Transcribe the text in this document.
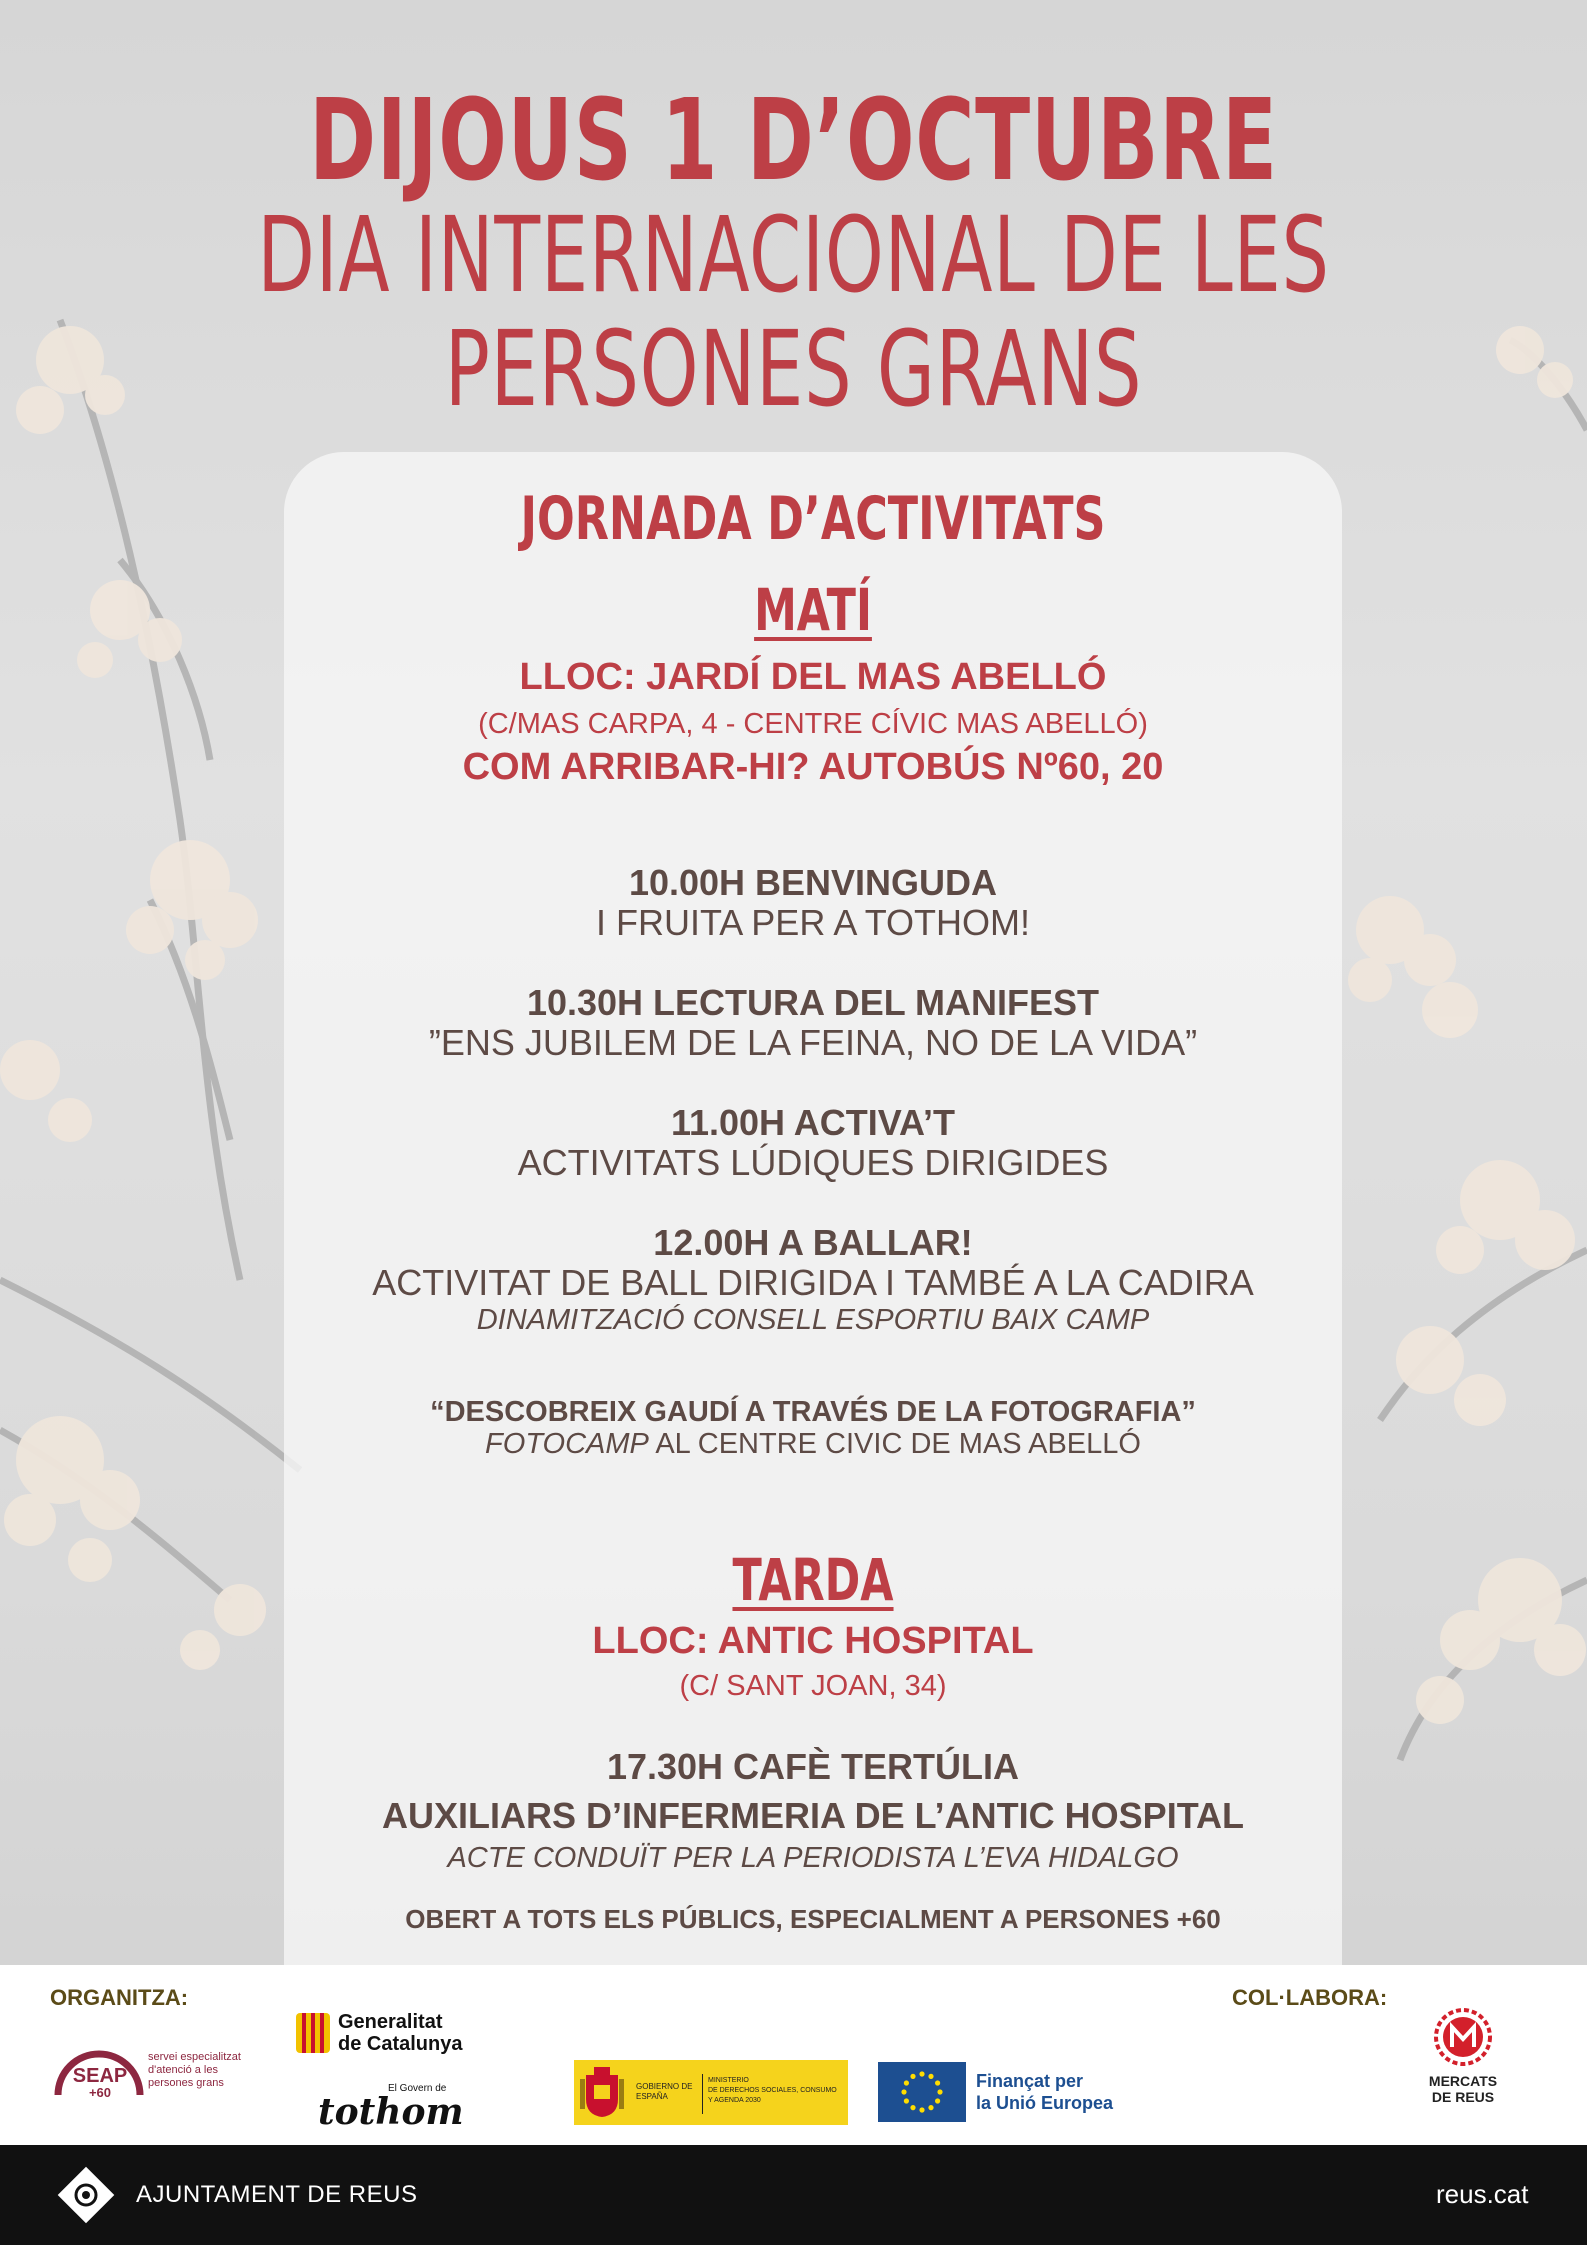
DIJOUS 1 D’OCTUBRE
DIA INTERNACIONAL DE LES
PERSONES GRANS
JORNADA D’ACTIVITATS
MATÍ
LLOC: JARDÍ DEL MAS ABELLÓ
(C/MAS CARPA, 4 - CENTRE CÍVIC MAS ABELLÓ)
COM ARRIBAR-HI? AUTOBÚS Nº60, 20
10.00H BENVINGUDA
I FRUITA PER A TOTHOM!
10.30H LECTURA DEL MANIFEST
”ENS JUBILEM DE LA FEINA, NO DE LA VIDA”
11.00H ACTIVA’T
ACTIVITATS LÚDIQUES DIRIGIDES
12.00H A BALLAR!
ACTIVITAT DE BALL DIRIGIDA I TAMBÉ A LA CADIRA
DINAMITZACIÓ CONSELL ESPORTIU BAIX CAMP
“DESCOBREIX GAUDÍ A TRAVÉS DE LA FOTOGRAFIA”
FOTOCAMP AL CENTRE CIVIC DE MAS ABELLÓ
TARDA
LLOC: ANTIC HOSPITAL
(C/ SANT JOAN, 34)
17.30H CAFÈ TERTÚLIA
AUXILIARS D’INFERMERIA DE L’ANTIC HOSPITAL
ACTE CONDUÏT PER LA PERIODISTA L’EVA HIDALGO
OBERT A TOTS ELS PÚBLICS, ESPECIALMENT A PERSONES +60
ORGANITZA:	COL·LABORA:
SEAP
+60
servei especialitzat
d'atenció a les
persones grans
Generalitat
de Catalunya
El Govern de
tothom
GOBIERNO DE ESPAÑA
MINISTERIO
DE DERECHOS SOCIALES, CONSUMO
Y AGENDA 2030
Finançat per
la Unió Europea
MERCATS
DE REUS
AJUNTAMENT DE REUS	reus.cat
